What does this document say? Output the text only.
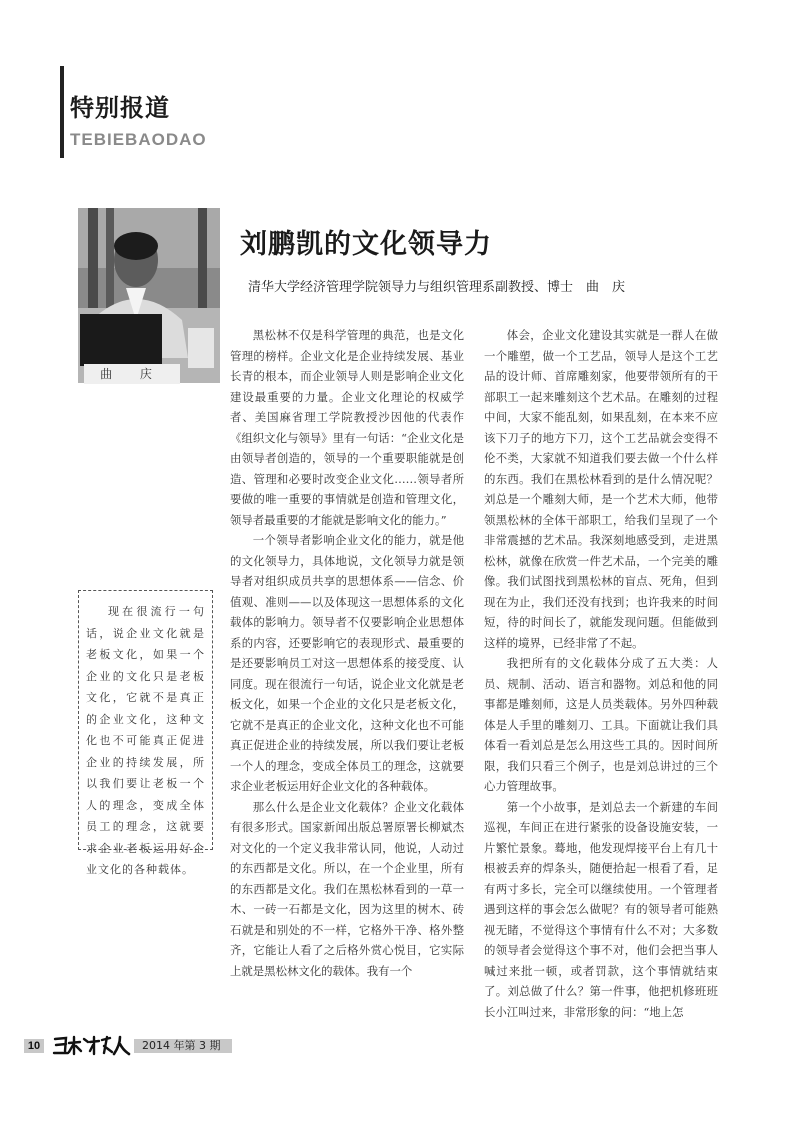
特别报道
TEBIEBAODAO
曲 庆
刘鹏凯的文化领导力
清华大学经济管理学院领导力与组织管理系副教授、博士　曲　庆

现在很流行一句话，说企业文化就是老板文化，如果一个企业的文化只是老板文化，它就不是真正的企业文化，这种文化也不可能真正促进企业的持续发展，所以我们要让老板一个人的理念，变成全体员工的理念，这就要求企业老板运用好企业文化的各种载体。

黑松林不仅是科学管理的典范，也是文化管理的榜样。企业文化是企业持续发展、基业长青的根本，而企业领导人则是影响企业文化建设最重要的力量。企业文化理论的权威学者、美国麻省理工学院教授沙因他的代表作《组织文化与领导》里有一句话：“企业文化是由领导者创造的，领导的一个重要职能就是创造、管理和必要时改变企业文化……领导者所要做的唯一重要的事情就是创造和管理文化，领导者最重要的才能就是影响文化的能力。”

一个领导者影响企业文化的能力，就是他的文化领导力，具体地说，文化领导力就是领导者对组织成员共享的思想体系——信念、价值观、准则——以及体现这一思想体系的文化载体的影响力。领导者不仅要影响企业思想体系的内容，还要影响它的表现形式、最重要的是还要影响员工对这一思想体系的接受度、认同度。现在很流行一句话，说企业文化就是老板文化，如果一个企业的文化只是老板文化，它就不是真正的企业文化，这种文化也不可能真正促进企业的持续发展，所以我们要让老板一个人的理念，变成全体员工的理念，这就要求企业老板运用好企业文化的各种载体。

那么什么是企业文化载体？企业文化载体有很多形式。国家新闻出版总署原署长柳斌杰对文化的一个定义我非常认同，他说，人动过的东西都是文化。所以，在一个企业里，所有的东西都是文化。我们在黑松林看到的一草一木、一砖一石都是文化，因为这里的树木、砖石就是和别处的不一样，它格外干净、格外整齐，它能让人看了之后格外赏心悦目，它实际上就是黑松林文化的载体。我有一个

体会，企业文化建设其实就是一群人在做一个雕塑，做一个工艺品，领导人是这个工艺品的设计师、首席雕刻家，他要带领所有的干部职工一起来雕刻这个艺术品。在雕刻的过程中间，大家不能乱刻，如果乱刻，在本来不应该下刀子的地方下刀，这个工艺品就会变得不伦不类，大家就不知道我们要去做一个什么样的东西。我们在黑松林看到的是什么情况呢？刘总是一个雕刻大师，是一个艺术大师，他带领黑松林的全体干部职工，给我们呈现了一个非常震撼的艺术品。我深刻地感受到，走进黑松林，就像在欣赏一件艺术品，一个完美的雕像。我们试图找到黑松林的盲点、死角，但到现在为止，我们还没有找到；也许我来的时间短，待的时间长了，就能发现问题。但能做到这样的境界，已经非常了不起。

我把所有的文化载体分成了五大类：人员、规制、活动、语言和器物。刘总和他的同事都是雕刻师，这是人员类载体。另外四种载体是人手里的雕刻刀、工具。下面就让我们具体看一看刘总是怎么用这些工具的。因时间所限，我们只看三个例子，也是刘总讲过的三个心力管理故事。

第一个小故事，是刘总去一个新建的车间巡视，车间正在进行紧张的设备设施安装，一片繁忙景象。蓦地，他发现焊接平台上有几十根被丢弃的焊条头，随便拾起一根看了看，足有两寸多长，完全可以继续使用。一个管理者遇到这样的事会怎么做呢？有的领导者可能熟视无睹，不觉得这个事情有什么不对；大多数的领导者会觉得这个事不对，他们会把当事人喊过来批一顿，或者罚款，这个事情就结束了。刘总做了什么？第一件事，他把机修班班长小江叫过来，非常形象的问：“地上怎

10	2014 年第 3 期
